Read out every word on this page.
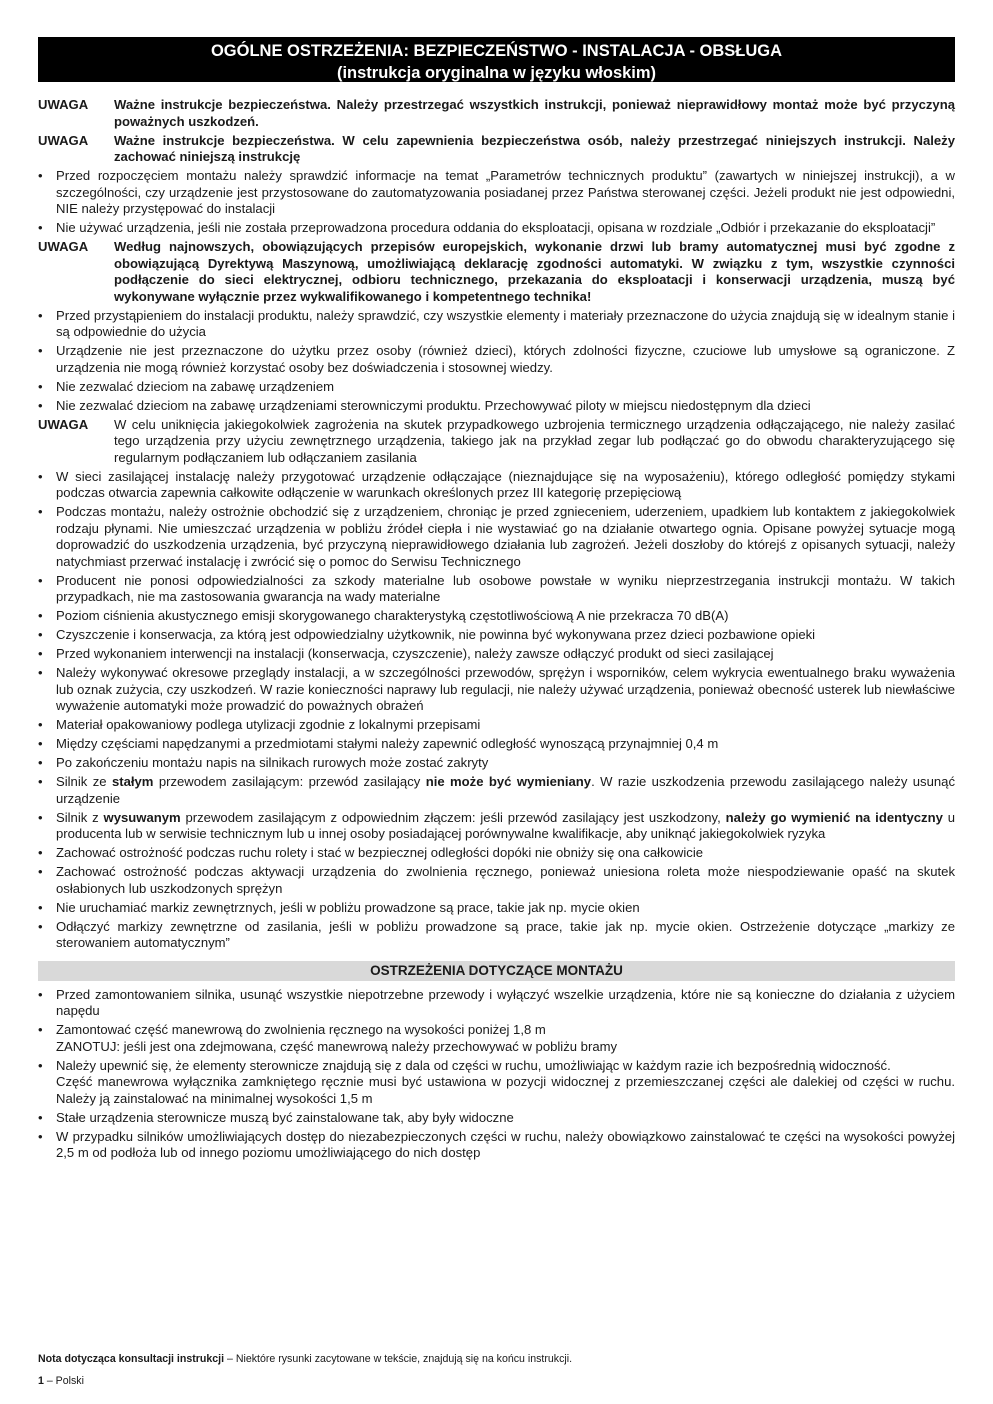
OGÓLNE OSTRZEŻENIA: BEZPIECZEŃSTWO - INSTALACJA - OBSŁUGA
(instrukcja oryginalna w języku włoskim)
UWAGA	Ważne instrukcje bezpieczeństwa. Należy przestrzegać wszystkich instrukcji, ponieważ nieprawidłowy montaż może być przyczyną poważnych uszkodzeń.
UWAGA	Ważne instrukcje bezpieczeństwa. W celu zapewnienia bezpieczeństwa osób, należy przestrzegać niniejszych instrukcji. Należy zachować niniejszą instrukcję
•	Przed rozpoczęciem montażu należy sprawdzić informacje na temat „Parametrów technicznych produktu” (zawartych w niniejszej instrukcji), a w szczególności, czy urządzenie jest przystosowane do zautomatyzowania posiadanej przez Państwa sterowanej części. Jeżeli produkt nie jest odpowiedni, NIE należy przystępować do instalacji
•	Nie używać urządzenia, jeśli nie została przeprowadzona procedura oddania do eksploatacji, opisana w rozdziale „Odbiór i przekazanie do eksploatacji”
UWAGA	Według najnowszych, obowiązujących przepisów europejskich, wykonanie drzwi lub bramy automatycznej musi być zgodne z obowiązującą Dyrektywą Maszynową, umożliwiającą deklarację zgodności automatyki. W związku z tym, wszystkie czynności podłączenie do sieci elektrycznej, odbioru technicznego, przekazania do eksploatacji i konserwacji urządzenia, muszą być wykonywane wyłącznie przez wykwalifikowanego i kompetentnego technika!
•	Przed przystąpieniem do instalacji produktu, należy sprawdzić, czy wszystkie elementy i materiały przeznaczone do użycia znajdują się w idealnym stanie i są odpowiednie do użycia
•	Urządzenie nie jest przeznaczone do użytku przez osoby (również dzieci), których zdolności fizyczne, czuciowe lub umysłowe są ograniczone. Z urządzenia nie mogą również korzystać osoby bez doświadczenia i stosownej wiedzy.
•	Nie zezwalać dzieciom na zabawę urządzeniem
•	Nie zezwalać dzieciom na zabawę urządzeniami sterowniczymi produktu. Przechowywać piloty w miejscu niedostępnym dla dzieci
UWAGA	W celu uniknięcia jakiegokolwiek zagrożenia na skutek przypadkowego uzbrojenia termicznego urządzenia odłączającego, nie należy zasilać tego urządzenia przy użyciu zewnętrznego urządzenia, takiego jak na przykład zegar lub podłączać go do obwodu charakteryzującego się regularnym podłączaniem lub odłączaniem zasilania
•	W sieci zasilającej instalację należy przygotować urządzenie odłączające (nieznajdujące się na wyposażeniu), którego odległość pomiędzy stykami podczas otwarcia zapewnia całkowite odłączenie w warunkach określonych przez III kategorię przepięciową
•	Podczas montażu, należy ostrożnie obchodzić się z urządzeniem, chroniąc je przed zgnieceniem, uderzeniem, upadkiem lub kontaktem z jakiegokolwiek rodzaju płynami. Nie umieszczać urządzenia w pobliżu źródeł ciepła i nie wystawiać go na działanie otwartego ognia. Opisane powyżej sytuacje mogą doprowadzić do uszkodzenia urządzenia, być przyczyną nieprawidłowego działania lub zagrożeń. Jeżeli doszłoby do którejś z opisanych sytuacji, należy natychmiast przerwać instalację i zwrócić się o pomoc do Serwisu Technicznego
•	Producent nie ponosi odpowiedzialności za szkody materialne lub osobowe powstałe w wyniku nieprzestrzegania instrukcji montażu. W takich przypadkach, nie ma zastosowania gwarancja na wady materialne
•	Poziom ciśnienia akustycznego emisji skorygowanego charakterystyką częstotliwościową A nie przekracza 70 dB(A)
•	Czyszczenie i konserwacja, za którą jest odpowiedzialny użytkownik, nie powinna być wykonywana przez dzieci pozbawione opieki
•	Przed wykonaniem interwencji na instalacji (konserwacja, czyszczenie), należy zawsze odłączyć produkt od sieci zasilającej
•	Należy wykonywać okresowe przeglądy instalacji, a w szczególności przewodów, sprężyn i wsporników, celem wykrycia ewentualnego braku wyważenia lub oznak zużycia, czy uszkodzeń. W razie konieczności naprawy lub regulacji, nie należy używać urządzenia, ponieważ obecność usterek lub niewłaściwe wyważenie automatyki może prowadzić do poważnych obrażeń
•	Materiał opakowaniowy podlega utylizacji zgodnie z lokalnymi przepisami
•	Między częściami napędzanymi a przedmiotami stałymi należy zapewnić odległość wynoszącą przynajmniej 0,4 m
•	Po zakończeniu montażu napis na silnikach rurowych może zostać zakryty
•	Silnik ze stałym przewodem zasilającym: przewód zasilający nie może być wymieniany. W razie uszkodzenia przewodu zasilającego należy usunąć urządzenie
•	Silnik z wysuwanym przewodem zasilającym z odpowiednim złączem: jeśli przewód zasilający jest uszkodzony, należy go wymienić na identyczny u producenta lub w serwisie technicznym lub u innej osoby posiadającej porównywalne kwalifikacje, aby uniknąć jakiegokolwiek ryzyka
•	Zachować ostrożność podczas ruchu rolety i stać w bezpiecznej odległości dopóki nie obniży się ona całkowicie
•	Zachować ostrożność podczas aktywacji urządzenia do zwolnienia ręcznego, ponieważ uniesiona roleta może niespodziewanie opaść na skutek osłabionych lub uszkodzonych sprężyn
•	Nie uruchamiać markiz zewnętrznych, jeśli w pobliżu prowadzone są prace, takie jak np. mycie okien
•	Odłączyć markizy zewnętrzne od zasilania, jeśli w pobliżu prowadzone są prace, takie jak np. mycie okien. Ostrzeżenie dotyczące „markizy ze sterowaniem automatycznym”
OSTRZEŻENIA DOTYCZĄCE MONTAŻU
•	Przed zamontowaniem silnika, usunąć wszystkie niepotrzebne przewody i wyłączyć wszelkie urządzenia, które nie są konieczne do działania z użyciem napędu
•	Zamontować część manewrową do zwolnienia ręcznego na wysokości poniżej 1,8 m
ZANOTUJ: jeśli jest ona zdejmowana, część manewrową należy przechowywać w pobliżu bramy
•	Należy upewnić się, że elementy sterownicze znajdują się z dala od części w ruchu, umożliwiając w każdym razie ich bezpośrednią widoczność.
Część manewrowa wyłącznika zamkniętego ręcznie musi być ustawiona w pozycji widocznej z przemieszczanej części ale dalekiej od części w ruchu. Należy ją zainstalować na minimalnej wysokości 1,5 m
•	Stałe urządzenia sterownicze muszą być zainstalowane tak, aby były widoczne
•	W przypadku silników umożliwiających dostęp do niezabezpieczonych części w ruchu, należy obowiązkowo zainstalować te części na wysokości powyżej 2,5 m od podłoża lub od innego poziomu umożliwiającego do nich dostęp
Nota dotycząca konsultacji instrukcji – Niektóre rysunki zacytowane w tekście, znajdują się na końcu instrukcji.
1 – Polski
